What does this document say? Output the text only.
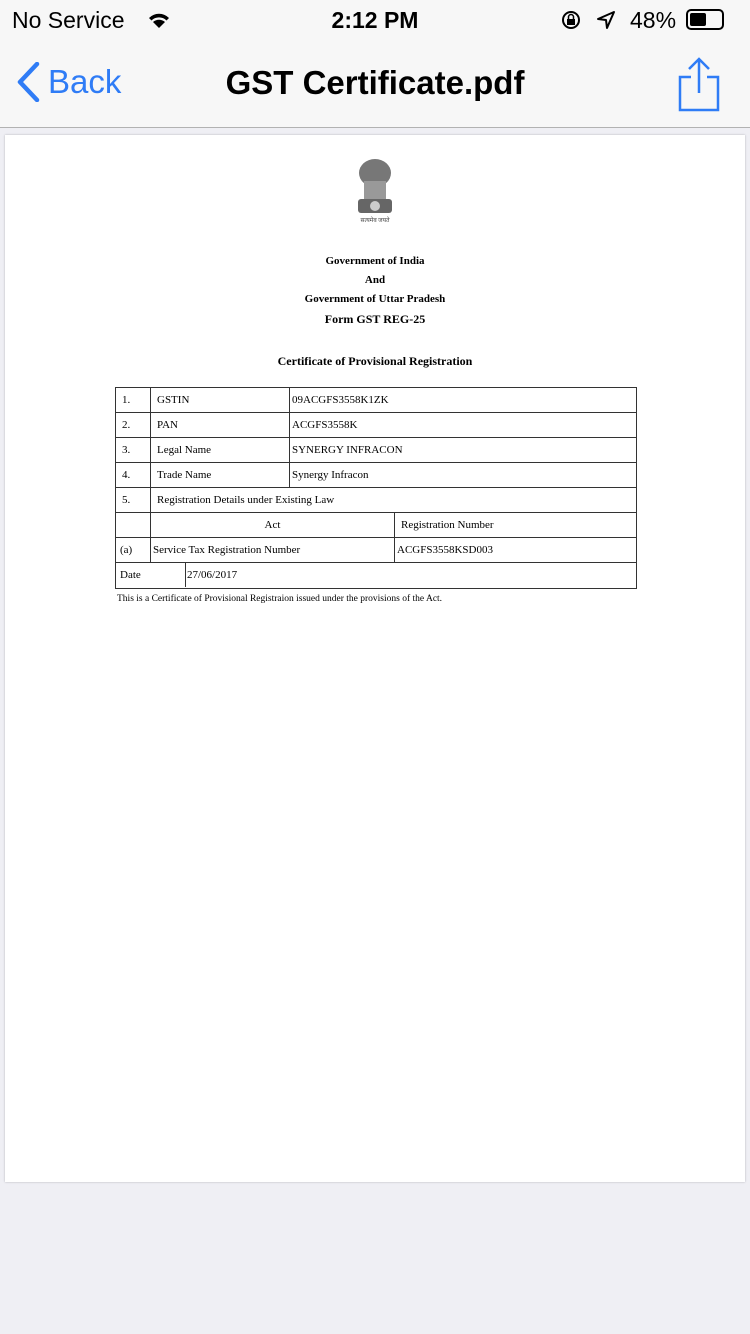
No Service	2:12 PM	48%
Back	GST Certificate.pdf
सत्यमेव जयते
Government of India
And
Government of Uttar Pradesh
Form GST REG-25
Certificate of Provisional Registration
1.	GSTIN	09ACGFS3558K1ZK
2.	PAN	ACGFS3558K
3.	Legal Name	SYNERGY INFRACON
4.	Trade Name	Synergy Infracon
5.	Registration Details under Existing Law
Act	Registration Number
(a) Service Tax Registration Number	ACGFS3558KSD003
Date	27/06/2017
This is a Certificate of Provisional Registraion issued under the provisions of the Act.
